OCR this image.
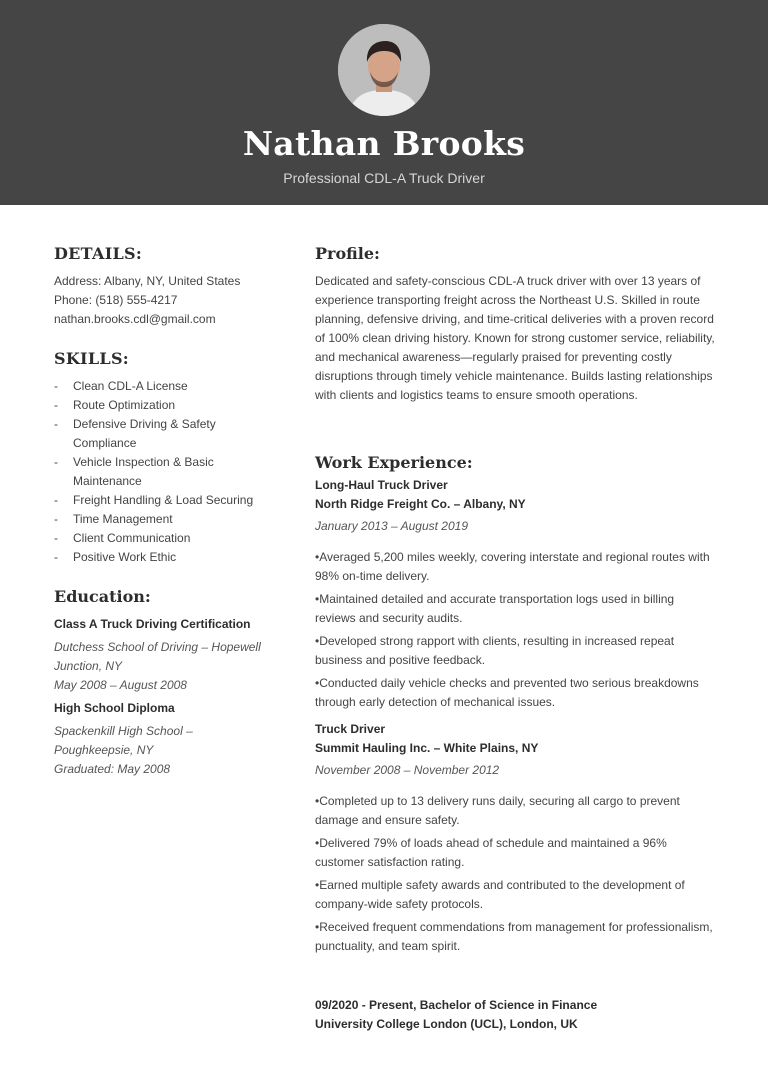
Nathan Brooks
Professional CDL-A Truck Driver
DETAILS:
Address: Albany, NY, United States
Phone: (518) 555-4217
nathan.brooks.cdl@gmail.com
SKILLS:
- Clean CDL-A License
- Route Optimization
- Defensive Driving & Safety Compliance
- Vehicle Inspection & Basic Maintenance
- Freight Handling & Load Securing
- Time Management
- Client Communication
- Positive Work Ethic
Education:
Class A Truck Driving Certification
Dutchess School of Driving – Hopewell Junction, NY
May 2008 – August 2008
High School Diploma
Spackenkill High School – Poughkeepsie, NY
Graduated: May 2008
Profile:
Dedicated and safety-conscious CDL-A truck driver with over 13 years of experience transporting freight across the Northeast U.S. Skilled in route planning, defensive driving, and time-critical deliveries with a proven record of 100% clean driving history. Known for strong customer service, reliability, and mechanical awareness—regularly praised for preventing costly disruptions through timely vehicle maintenance. Builds lasting relationships with clients and logistics teams to ensure smooth operations.
Work Experience:
Long-Haul Truck Driver
North Ridge Freight Co. – Albany, NY
January 2013 – August 2019
•Averaged 5,200 miles weekly, covering interstate and regional routes with 98% on-time delivery.
•Maintained detailed and accurate transportation logs used in billing reviews and security audits.
•Developed strong rapport with clients, resulting in increased repeat business and positive feedback.
•Conducted daily vehicle checks and prevented two serious breakdowns through early detection of mechanical issues.
Truck Driver
Summit Hauling Inc. – White Plains, NY
November 2008 – November 2012
•Completed up to 13 delivery runs daily, securing all cargo to prevent damage and ensure safety.
•Delivered 79% of loads ahead of schedule and maintained a 96% customer satisfaction rating.
•Earned multiple safety awards and contributed to the development of company-wide safety protocols.
•Received frequent commendations from management for professionalism, punctuality, and team spirit.
09/2020 - Present, Bachelor of Science in Finance
University College London (UCL), London, UK
